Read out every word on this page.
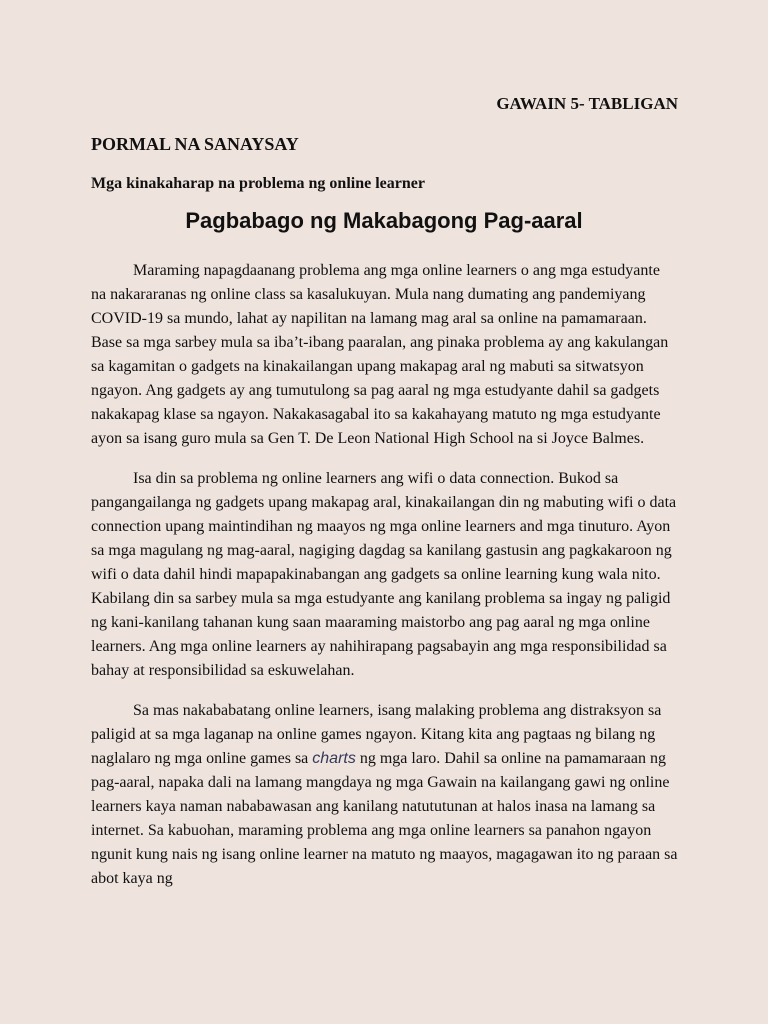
GAWAIN 5- TABLIGAN
PORMAL NA SANAYSAY
Mga kinakaharap na problema ng online learner
Pagbabago ng Makabagong Pag-aaral

Maraming napagdaanang problema ang mga online learners o ang mga estudyante na nakararanas ng online class sa kasalukuyan. Mula nang dumating ang pandemiyang COVID-19 sa mundo, lahat ay napilitan na lamang mag aral sa online na pamamaraan. Base sa mga sarbey mula sa iba’t-ibang paaralan, ang pinaka problema ay ang kakulangan sa kagamitan o gadgets na kinakailangan upang makapag aral ng mabuti sa sitwatsyon ngayon. Ang gadgets ay ang tumutulong sa pag aaral ng mga estudyante dahil sa gadgets nakakapag klase sa ngayon. Nakakasagabal ito sa kakahayang matuto ng mga estudyante ayon sa isang guro mula sa Gen T. De Leon National High School na si Joyce Balmes.

Isa din sa problema ng online learners ang wifi o data connection. Bukod sa pangangailanga ng gadgets upang makapag aral, kinakailangan din ng mabuting wifi o data connection upang maintindihan ng maayos ng mga online learners and mga tinuturo. Ayon sa mga magulang ng mag-aaral, nagiging dagdag sa kanilang gastusin ang pagkakaroon ng wifi o data dahil hindi mapapakinabangan ang gadgets sa online learning kung wala nito. Kabilang din sa sarbey mula sa mga estudyante ang kanilang problema sa ingay ng paligid ng kani-kanilang tahanan kung saan maaraming maistorbo ang pag aaral ng mga online learners. Ang mga online learners ay nahihirapang pagsabayin ang mga responsibilidad sa bahay at responsibilidad sa eskuwelahan.

Sa mas nakababatang online learners, isang malaking problema ang distraksyon sa paligid at sa mga laganap na online games ngayon. Kitang kita ang pagtaas ng bilang ng naglalaro ng mga online games sa charts ng mga laro. Dahil sa online na pamamaraan ng pag-aaral, napaka dali na lamang mangdaya ng mga Gawain na kailangang gawi ng online learners kaya naman nababawasan ang kanilang natututunan at halos inasa na lamang sa internet. Sa kabuohan, maraming problema ang mga online learners sa panahon ngayon ngunit kung nais ng isang online learner na matuto ng maayos, magagawan ito ng paraan sa abot kaya ng
